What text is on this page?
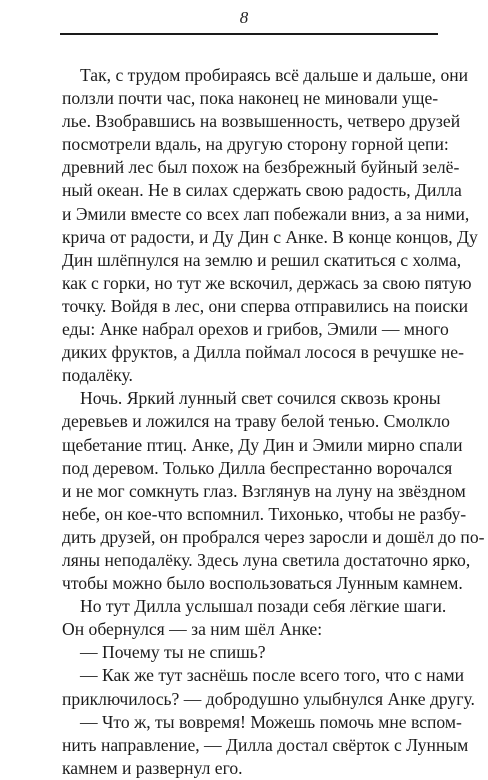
8
Так, с трудом пробираясь всё дальше и дальше, они
ползли почти час, пока наконец не миновали уще-
лье. Взобравшись на возвышенность, четверо друзей
посмотрели вдаль, на другую сторону горной цепи:
древний лес был похож на безбрежный буйный зелё-
ный океан. Не в силах сдержать свою радость, Дилла
и Эмили вместе со всех лап побежали вниз, а за ними,
крича от радости, и Ду Дин с Анке. В конце концов, Ду
Дин шлёпнулся на землю и решил скатиться с холма,
как с горки, но тут же вскочил, держась за свою пятую
точку. Войдя в лес, они сперва отправились на поиски
еды: Анке набрал орехов и грибов, Эмили — много
диких фруктов, а Дилла поймал лосося в речушке не-
подалёку.
Ночь. Яркий лунный свет сочился сквозь кроны
деревьев и ложился на траву белой тенью. Смолкло
щебетание птиц. Анке, Ду Дин и Эмили мирно спали
под деревом. Только Дилла беспрестанно ворочался
и не мог сомкнуть глаз. Взглянув на луну на звёздном
небе, он кое-что вспомнил. Тихонько, чтобы не разбу-
дить друзей, он пробрался через заросли и дошёл до по-
ляны неподалёку. Здесь луна светила достаточно ярко,
чтобы можно было воспользоваться Лунным камнем.
Но тут Дилла услышал позади себя лёгкие шаги.
Он обернулся — за ним шёл Анке:
— Почему ты не спишь?
— Как же тут заснёшь после всего того, что с нами
приключилось? — добродушно улыбнулся Анке другу.
— Что ж, ты вовремя! Можешь помочь мне вспом-
нить направление, — Дилла достал свёрток с Лунным
камнем и развернул его.
